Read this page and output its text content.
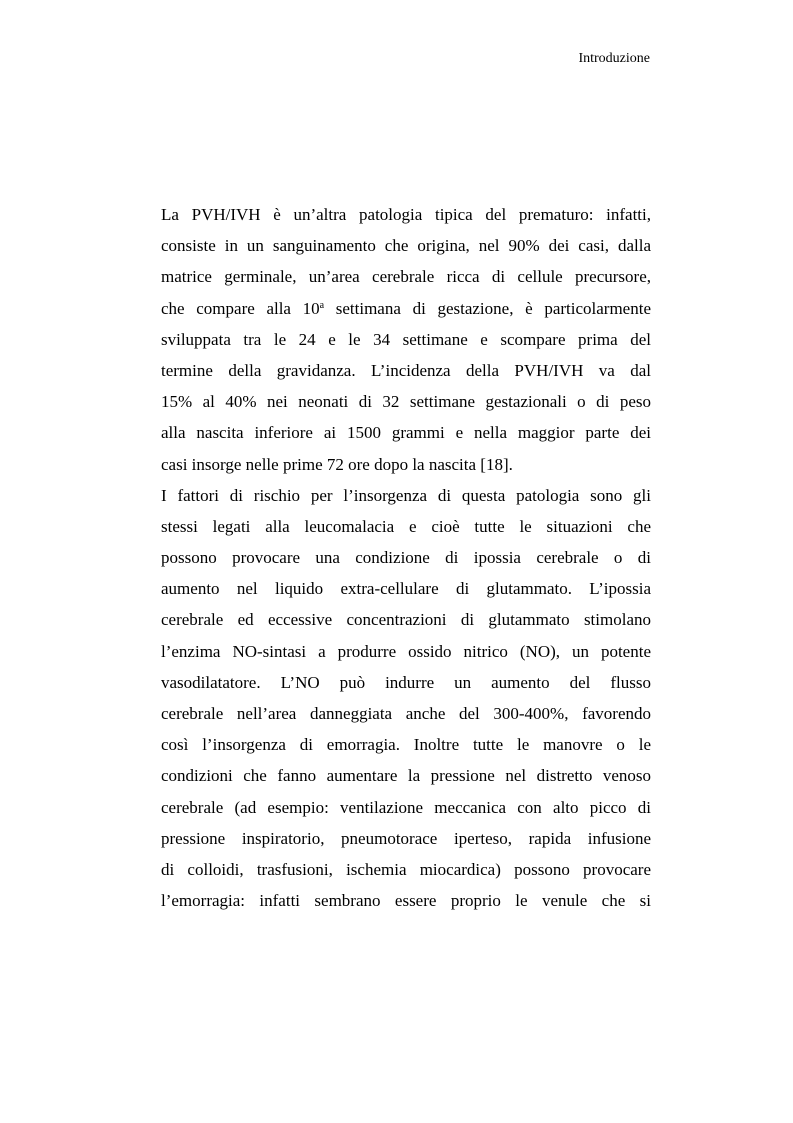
Introduzione
La PVH/IVH è un’altra patologia tipica del prematuro: infatti,
consiste in un sanguinamento che origina, nel 90% dei casi, dalla
matrice germinale, un’area cerebrale ricca di cellule precursore,
che compare alla 10$^a$ settimana di gestazione, è particolarmente
sviluppata tra le 24 e le 34 settimane e scompare prima del
termine della gravidanza. L’incidenza della PVH/IVH va dal
15% al 40% nei neonati di 32 settimane gestazionali o di peso
alla nascita inferiore ai 1500 grammi e nella maggior parte dei
casi insorge nelle prime 72 ore dopo la nascita [18].
I fattori di rischio per l’insorgenza di questa patologia sono gli
stessi legati alla leucomalacia e cioè tutte le situazioni che
possono provocare una condizione di ipossia cerebrale o di
aumento nel liquido extra-cellulare di glutammato. L’ipossia
cerebrale ed eccessive concentrazioni di glutammato stimolano
l’enzima NO-sintasi a produrre ossido nitrico (NO), un potente
vasodilatatore. L’NO può indurre un aumento del flusso
cerebrale nell’area danneggiata anche del 300-400%, favorendo
così l’insorgenza di emorragia. Inoltre tutte le manovre o le
condizioni che fanno aumentare la pressione nel distretto venoso
cerebrale (ad esempio: ventilazione meccanica con alto picco di
pressione inspiratorio, pneumotorace iperteso, rapida infusione
di colloidi, trasfusioni, ischemia miocardica) possono provocare
l’emorragia: infatti sembrano essere proprio le venule che si
